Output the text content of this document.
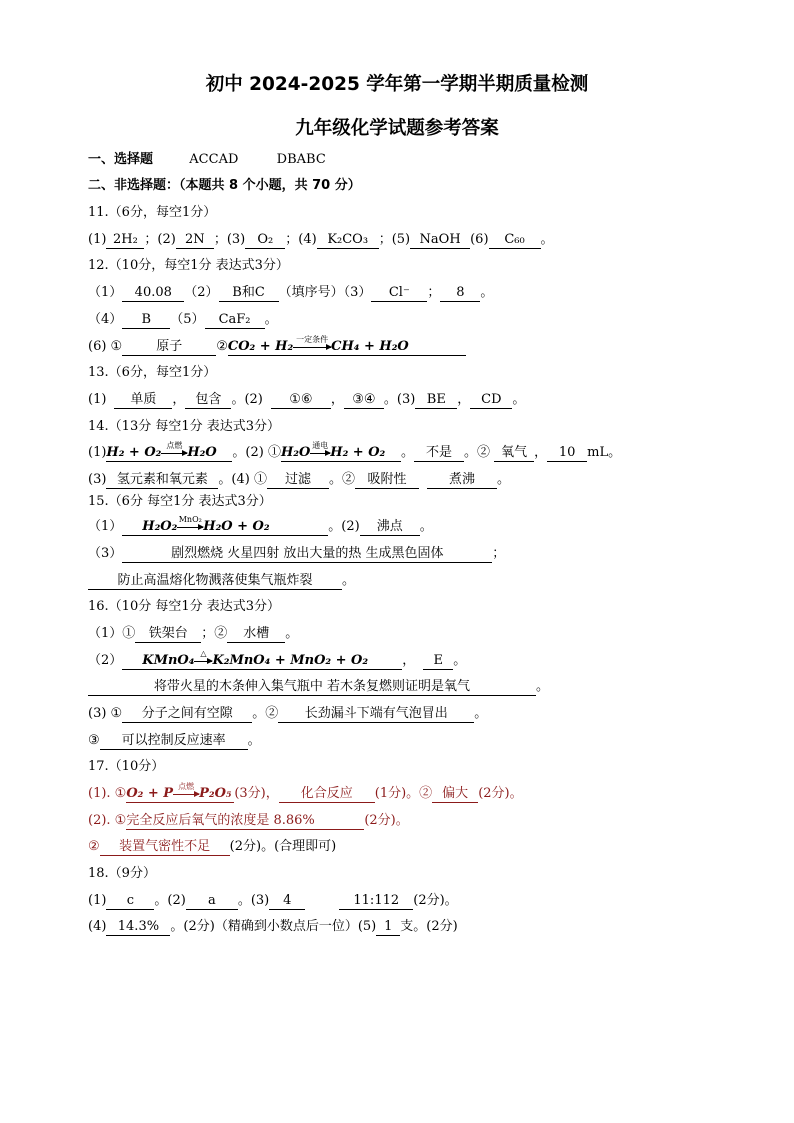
初中 2024-2025 学年第一学期半期质量检测
九年级化学试题参考答案
一、选择题	ACCAD	DBABC
二、非选择题：（本题共 8 个小题，共 70 分）
11.（6分，每空1分）
(1) 2H₂ ；(2) 2N ；(3) O₂ ；(4) K₂CO₃ ；(5) NaOH (6) C₆₀ 。
12.（10分，每空1分 表达式3分）
（1） 40.08 （2） B和C （填序号）（3） Cl⁻ ； 8 。
（4） B （5） CaF₂ 。
(6) ①	原子	②CO₂ + H₂ 一定条件 CH₄ + H₂O
13.（6分，每空1分）
(1) 单质 ， 包含 。(2) ①⑥ ， ③④ 。(3) BE ， CD 。
14.（13分 每空1分 表达式3分）
(1)H₂ + O₂ 点燃 H₂O 。(2) ①H₂O 通电 H₂ + O₂ 。 不是 。② 氧气 ， 10 mL。
(3) 氢元素和氧元素 。(4) ① 过滤 。② 吸附性	煮沸 。
15.（6分 每空1分 表达式3分）
（1） H₂O₂ MnO₂ H₂O + O₂	。(2) 沸点 。
（3）	剧烈燃烧 火星四射 放出大量的热 生成黑色固体	；
防止高温熔化物溅落使集气瓶炸裂 。
16.（10分 每空1分 表达式3分）
（1）① 铁架台 ；② 水槽 。
（2） KMnO₄ △ K₂MnO₄ + MnO₂ + O₂	， E 。
将带火星的木条伸入集气瓶中 若木条复燃则证明是氧气	。
(3) ① 分子之间有空隙 。② 长劲漏斗下端有气泡冒出 。
③ 可以控制反应速率 。
17.（10分）
(1). ①O₂ + P 点燃 P₂O₅ (3分)， 化合反应 (1分)。② 偏大 (2分)。
(2). ①完全反应后氧气的浓度是 8.86%	(2分)。
② 装置气密性不足 (2分)。(合理即可)
18.（9分）
(1) c 。(2) a 。(3) 4	11:112 (2分)。
(4) 14.3% 。(2分)（精确到小数点后一位）(5) 1 支。(2分)
